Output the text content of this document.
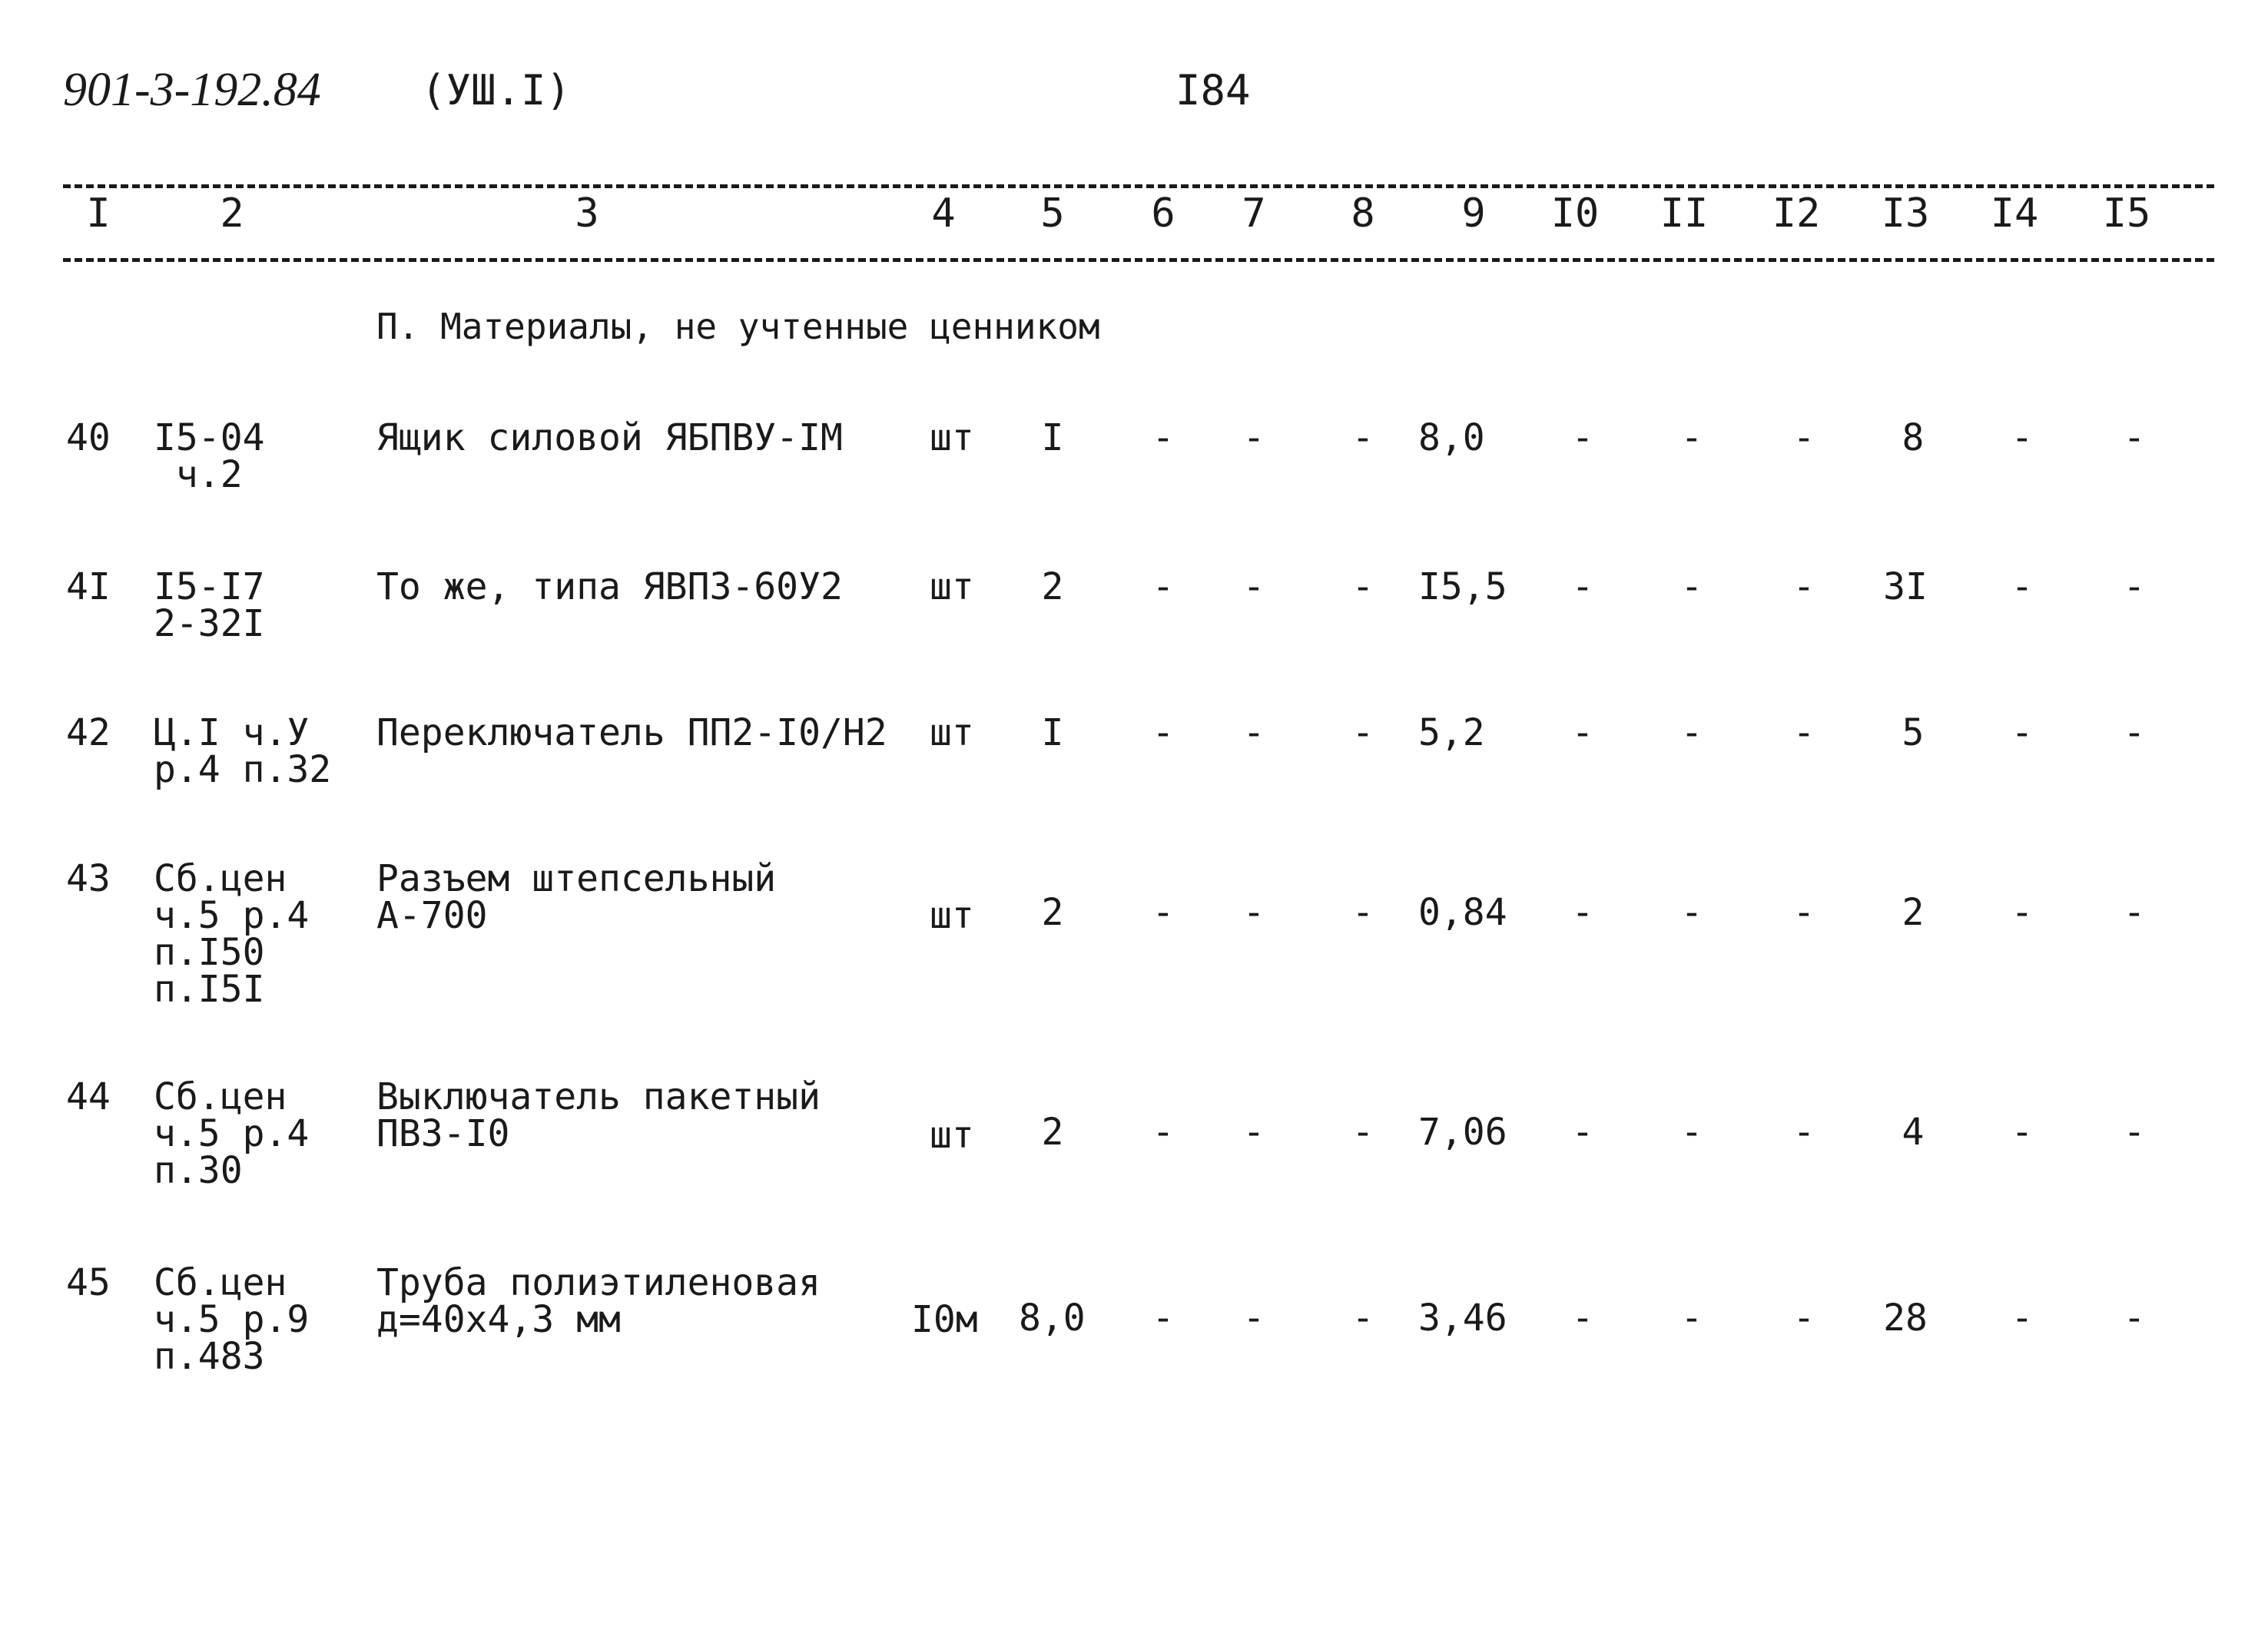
901-3-192.84 (УШ.I)	I84
I	2	3	4	5	6	7	8	9	I0 II I2 I3 I4 I5
П. Материалы, не учтенные ценником
40 I5-04
ч.2
Ящик силовой ЯБПВУ-IМ шт	I	-	-	-	8,0	-	-	-	8	-	-
4I I5-I7
2-32I
То же, типа ЯВПЗ-60У2 шт	2	-	-	-	I5,5	-	-	-	3I	-	-
42 Ц.I ч.У
р.4 п.32
Переключатель ПП2-I0/Н2 шт	I	-	-	-	5,2	-	-	-	5	-	-
43 Сб.цен
ч.5 р.4
п.I50
п.I5I
Разъем штепсельный
А-700	шт	2	-	-	-	0,84	-	-	-	2	-	-
44 Сб.цен
ч.5 р.4
п.30
Выключатель пакетный
ПВЗ-I0	шт	2	-	-	-	7,06	-	-	-	4	-	-
45 Сб.цен
ч.5 р.9
п.483
Труба полиэтиленовая
д=40х4,3 мм	I0м 8,0	-	-	-	3,46	-	-	-	28	-	-
